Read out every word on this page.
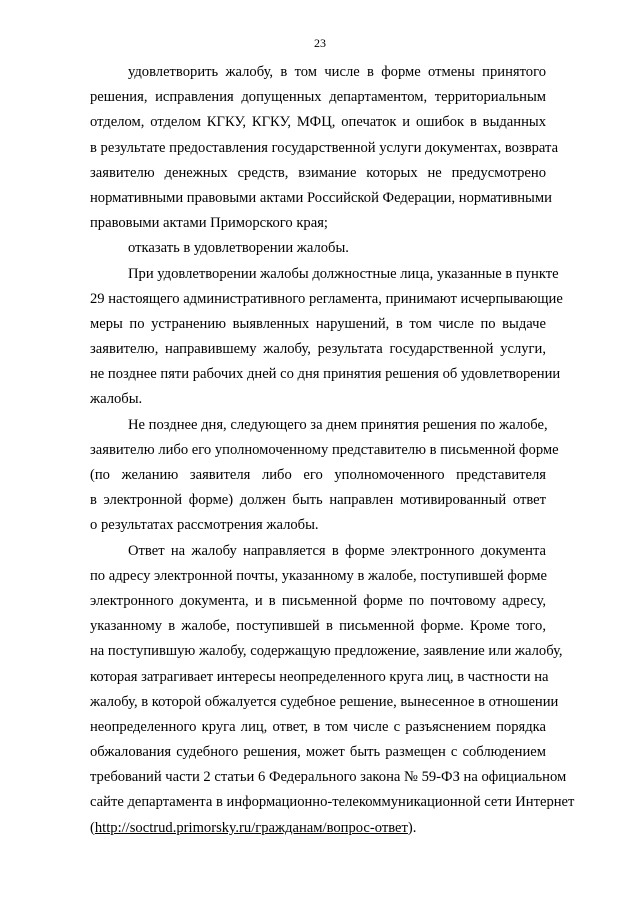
23
удовлетворить жалобу, в том числе в форме отмены принятого
решения, исправления допущенных департаментом, территориальным
отделом, отделом КГКУ, КГКУ, МФЦ, опечаток и ошибок в выданных
в результате предоставления государственной услуги документах, возврата
заявителю денежных средств, взимание которых не предусмотрено
нормативными правовыми актами Российской Федерации, нормативными
правовыми актами Приморского края;
отказать в удовлетворении жалобы.
При удовлетворении жалобы должностные лица, указанные в пункте
29 настоящего административного регламента, принимают исчерпывающие
меры по устранению выявленных нарушений, в том числе по выдаче
заявителю, направившему жалобу, результата государственной услуги,
не позднее пяти рабочих дней со дня принятия решения об удовлетворении
жалобы.
Не позднее дня, следующего за днем принятия решения по жалобе,
заявителю либо его уполномоченному представителю в письменной форме
(по желанию заявителя либо его уполномоченного представителя
в электронной форме) должен быть направлен мотивированный ответ
о результатах рассмотрения жалобы.
Ответ на жалобу направляется в форме электронного документа
по адресу электронной почты, указанному в жалобе, поступившей форме
электронного документа, и в письменной форме по почтовому адресу,
указанному в жалобе, поступившей в письменной форме. Кроме того,
на поступившую жалобу, содержащую предложение, заявление или жалобу,
которая затрагивает интересы неопределенного круга лиц, в частности на
жалобу, в которой обжалуется судебное решение, вынесенное в отношении
неопределенного круга лиц, ответ, в том числе с разъяснением порядка
обжалования судебного решения, может быть размещен с соблюдением
требований части 2 статьи 6 Федерального закона № 59-ФЗ на официальном
сайте департамента в информационно-телекоммуникационной сети Интернет
(http://soctrud.primorsky.ru/гражданам/вопрос-ответ).
